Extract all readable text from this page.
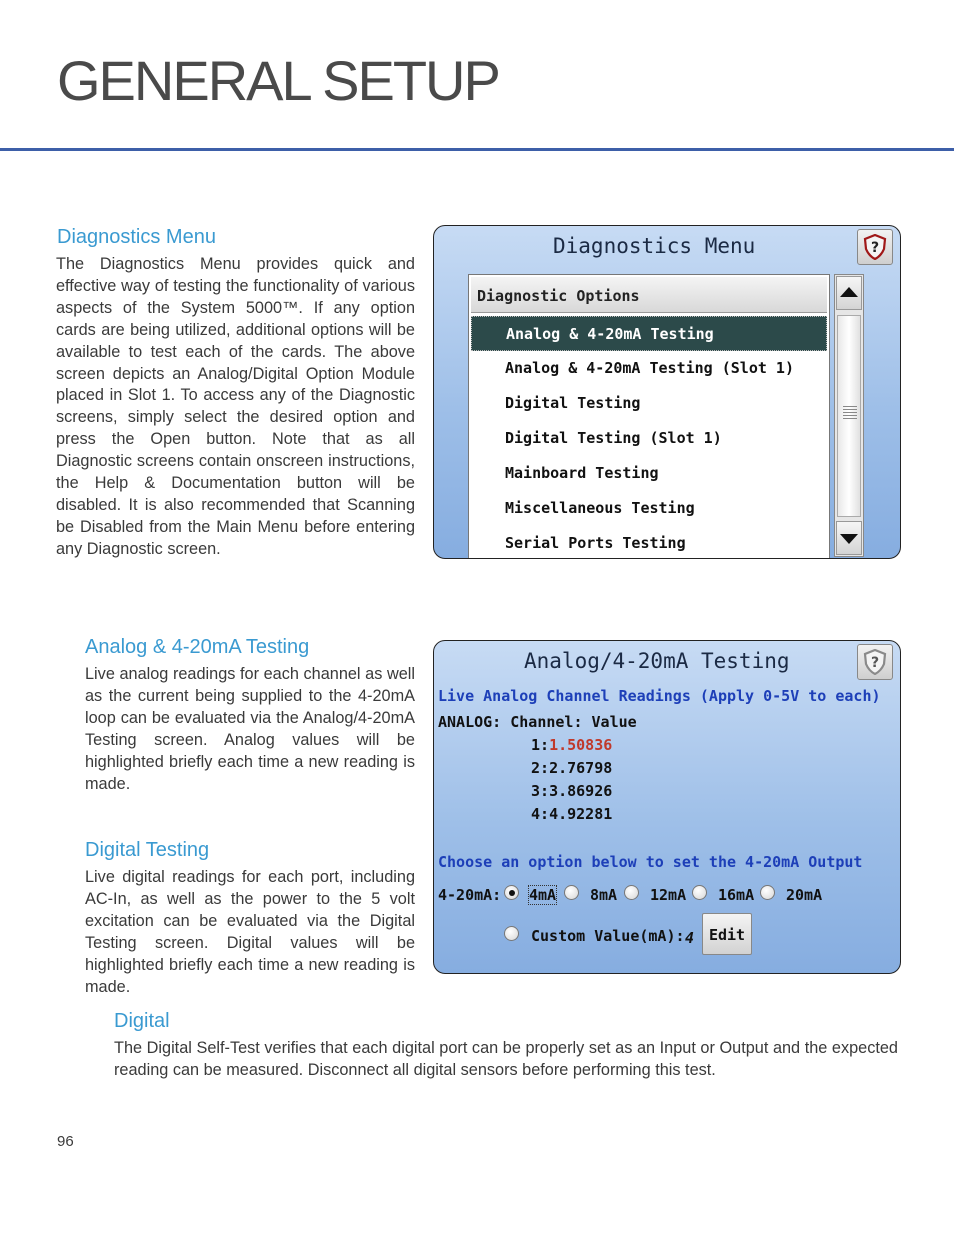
GENERAL SETUP
Diagnostics Menu

The Diagnostics Menu provides quick and effective way of testing the functionality of various aspects of the System 5000™. If any option cards are being utilized, additional options will be available to test each of the cards. The above screen depicts an Analog/Digital Option Module placed in Slot 1. To access any of the Diagnostic screens, simply select the desired option and press the Open button. Note that as all Diagnostic screens contain onscreen instructions, the Help & Documentation button will be disabled. It is also recommended that Scanning be Disabled from the Main Menu before entering any Diagnostic screen.

Diagnostics Menu	?
Diagnostic Options
Analog & 4-20mA Testing
Analog & 4-20mA Testing (Slot 1)
Digital Testing
Digital Testing (Slot 1)
Mainboard Testing
Miscellaneous Testing
Serial Ports Testing
Analog & 4-20mA Testing

Live analog readings for each channel as well as the current being supplied to the 4-20mA loop can be evaluated via the Analog/4-20mA Testing screen. Analog values will be highlighted briefly each time a new reading is made.

Digital Testing

Live digital readings for each port, including AC-In, as well as the power to the 5 volt excitation can be evaluated via the Digital Testing screen. Digital values will be highlighted briefly each time a new reading is made.

Analog/4-20mA Testing	?
Live Analog Channel Readings (Apply 0-5V to each)
ANALOG: Channel: Value
1:1.50836
2:2.76798
3:3.86926
4:4.92281
Choose an option below to set the 4-20mA Output
4-20mA: 4mA 8mA 12mA 16mA 20mA
Custom Value(mA): 4 Edit
Digital

The Digital Self-Test verifies that each digital port can be properly set as an Input or Output and the expected reading can be measured. Disconnect all digital sensors before performing this test.

96
